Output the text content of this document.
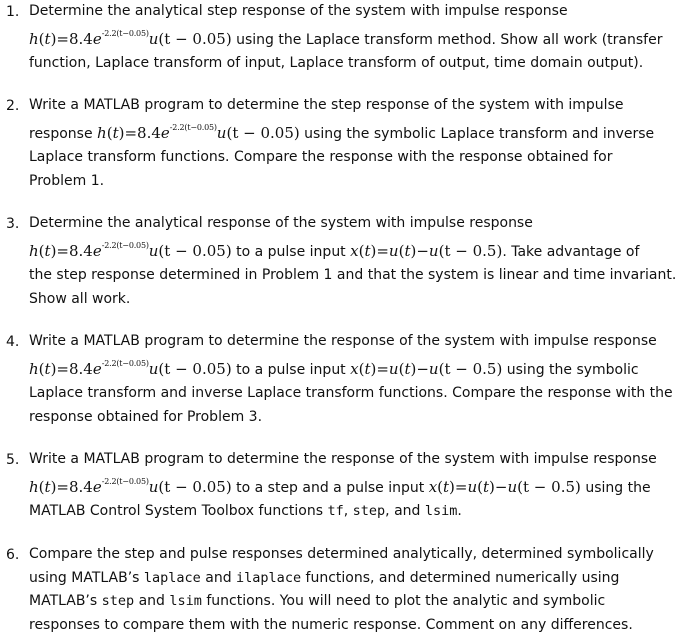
1. Determine the analytical step response of the system with impulse response
$h(t)=8.4e^{-2.2(t-0.05)}u(t - 0.05)$ using the Laplace transform method. Show all work (transfer
function, Laplace transform of input, Laplace transform of output, time domain output).
2. Write a MATLAB program to determine the step response of the system with impulse
response $h(t)=8.4e^{-2.2(t-0.05)}u(t - 0.05)$ using the symbolic Laplace transform and inverse
Laplace transform functions. Compare the response with the response obtained for
Problem 1.
3. Determine the analytical response of the system with impulse response
$h(t)=8.4e^{-2.2(t-0.05)}u(t - 0.05)$ to a pulse input x(t)=u(t)−u(t − 0.5). Take advantage of
the step response determined in Problem 1 and that the system is linear and time invariant.
Show all work.
4. Write a MATLAB program to determine the response of the system with impulse response
$h(t)=8.4e^{-2.2(t-0.05)}u(t - 0.05)$ to a pulse input x(t)=u(t)−u(t − 0.5) using the symbolic
Laplace transform and inverse Laplace transform functions. Compare the response with the
response obtained for Problem 3.
5. Write a MATLAB program to determine the response of the system with impulse response
$h(t)=8.4e^{-2.2(t-0.05)}u(t - 0.05)$ to a step and a pulse input x(t)=u(t)−u(t − 0.5) using the
MATLAB Control System Toolbox functions tf, step, and lsim.
6. Compare the step and pulse responses determined analytically, determined symbolically
using MATLAB’s laplace and ilaplace functions, and determined numerically using
MATLAB’s step and lsim functions. You will need to plot the analytic and symbolic
responses to compare them with the numeric response. Comment on any differences.
